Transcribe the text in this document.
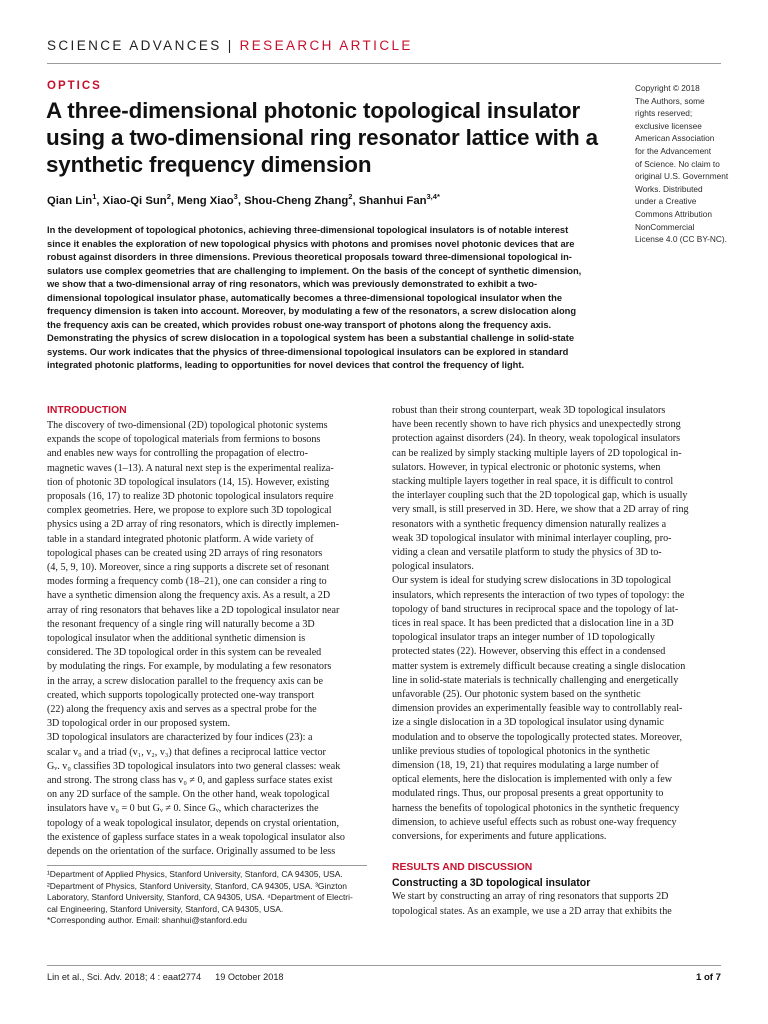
SCIENCE ADVANCES | RESEARCH ARTICLE
OPTICS
A three-dimensional photonic topological insulator using a two-dimensional ring resonator lattice with a synthetic frequency dimension
Qian Lin$^1$, Xiao-Qi Sun$^2$, Meng Xiao$^3$, Shou-Cheng Zhang$^2$, Shanhui Fan$^{3,4*}$
Copyright © 2018
The Authors, some
rights reserved;
exclusive licensee
American Association
for the Advancement
of Science. No claim to
original U.S. Government
Works. Distributed
under a Creative
Commons Attribution
NonCommercial
License 4.0 (CC BY-NC).
In the development of topological photonics, achieving three-dimensional topological insulators is of notable interest
since it enables the exploration of new topological physics with photons and promises novel photonic devices that are
robust against disorders in three dimensions. Previous theoretical proposals toward three-dimensional topological in-
sulators use complex geometries that are challenging to implement. On the basis of the concept of synthetic dimension,
we show that a two-dimensional array of ring resonators, which was previously demonstrated to exhibit a two-
dimensional topological insulator phase, automatically becomes a three-dimensional topological insulator when the
frequency dimension is taken into account. Moreover, by modulating a few of the resonators, a screw dislocation along
the frequency axis can be created, which provides robust one-way transport of photons along the frequency axis.
Demonstrating the physics of screw dislocation in a topological system has been a substantial challenge in solid-state
systems. Our work indicates that the physics of three-dimensional topological insulators can be explored in standard
integrated photonic platforms, leading to opportunities for novel devices that control the frequency of light.
INTRODUCTION
The discovery of two-dimensional (2D) topological photonic systems
expands the scope of topological materials from fermions to bosons
and enables new ways for controlling the propagation of electro-
magnetic waves (1–13). A natural next step is the experimental realiza-
tion of photonic 3D topological insulators (14, 15). However, existing
proposals (16, 17) to realize 3D photonic topological insulators require
complex geometries. Here, we propose to explore such 3D topological
physics using a 2D array of ring resonators, which is directly implemen-
table in a standard integrated photonic platform. A wide variety of
topological phases can be created using 2D arrays of ring resonators
(4, 5, 9, 10). Moreover, since a ring supports a discrete set of resonant
modes forming a frequency comb (18–21), one can consider a ring to
have a synthetic dimension along the frequency axis. As a result, a 2D
array of ring resonators that behaves like a 2D topological insulator near
the resonant frequency of a single ring will naturally become a 3D
topological insulator when the additional synthetic dimension is
considered. The 3D topological order in this system can be revealed
by modulating the rings. For example, by modulating a few resonators
in the array, a screw dislocation parallel to the frequency axis can be
created, which supports topologically protected one-way transport
(22) along the frequency axis and serves as a spectral probe for the
3D topological order in our proposed system.
3D topological insulators are characterized by four indices (23): a
scalar v₀ and a triad (v₁, v₂, v₃) that defines a reciprocal lattice vector
Gᵥ. v₀ classifies 3D topological insulators into two general classes: weak
and strong. The strong class has v₀ ≠ 0, and gapless surface states exist
on any 2D surface of the sample. On the other hand, weak topological
insulators have v₀ = 0 but Gᵥ ≠ 0. Since Gᵥ, which characterizes the
topology of a weak topological insulator, depends on crystal orientation,
the existence of gapless surface states in a weak topological insulator also
depends on the orientation of the surface. Originally assumed to be less
robust than their strong counterpart, weak 3D topological insulators
have been recently shown to have rich physics and unexpectedly strong
protection against disorders (24). In theory, weak topological insulators
can be realized by simply stacking multiple layers of 2D topological in-
sulators. However, in typical electronic or photonic systems, when
stacking multiple layers together in real space, it is difficult to control
the interlayer coupling such that the 2D topological gap, which is usually
very small, is still preserved in 3D. Here, we show that a 2D array of ring
resonators with a synthetic frequency dimension naturally realizes a
weak 3D topological insulator with minimal interlayer coupling, pro-
viding a clean and versatile platform to study the physics of 3D to-
pological insulators.
Our system is ideal for studying screw dislocations in 3D topological
insulators, which represents the interaction of two types of topology: the
topology of band structures in reciprocal space and the topology of lat-
tices in real space. It has been predicted that a dislocation line in a 3D
topological insulator traps an integer number of 1D topologically
protected states (22). However, observing this effect in a condensed
matter system is extremely difficult because creating a single dislocation
line in solid-state materials is technically challenging and energetically
unfavorable (25). Our photonic system based on the synthetic
dimension provides an experimentally feasible way to controllably real-
ize a single dislocation in a 3D topological insulator using dynamic
modulation and to observe the topologically protected states. Moreover,
unlike previous studies of topological photonics in the synthetic
dimension (18, 19, 21) that requires modulating a large number of
optical elements, here the dislocation is implemented with only a few
modulated rings. Thus, our proposal presents a great opportunity to
harness the benefits of topological photonics in the synthetic frequency
dimension, to achieve useful effects such as robust one-way frequency
conversions, for experiments and future applications.
RESULTS AND DISCUSSION
Constructing a 3D topological insulator
We start by constructing an array of ring resonators that supports 2D
topological states. As an example, we use a 2D array that exhibits the
¹Department of Applied Physics, Stanford University, Stanford, CA 94305, USA.
²Department of Physics, Stanford University, Stanford, CA 94305, USA. ³Ginzton
Laboratory, Stanford University, Stanford, CA 94305, USA. ⁴Department of Electri-
cal Engineering, Stanford University, Stanford, CA 94305, USA.
*Corresponding author. Email: shanhui@stanford.edu
Lin et al., Sci. Adv. 2018; 4 : eaat2774 19 October 2018	1 of 7
